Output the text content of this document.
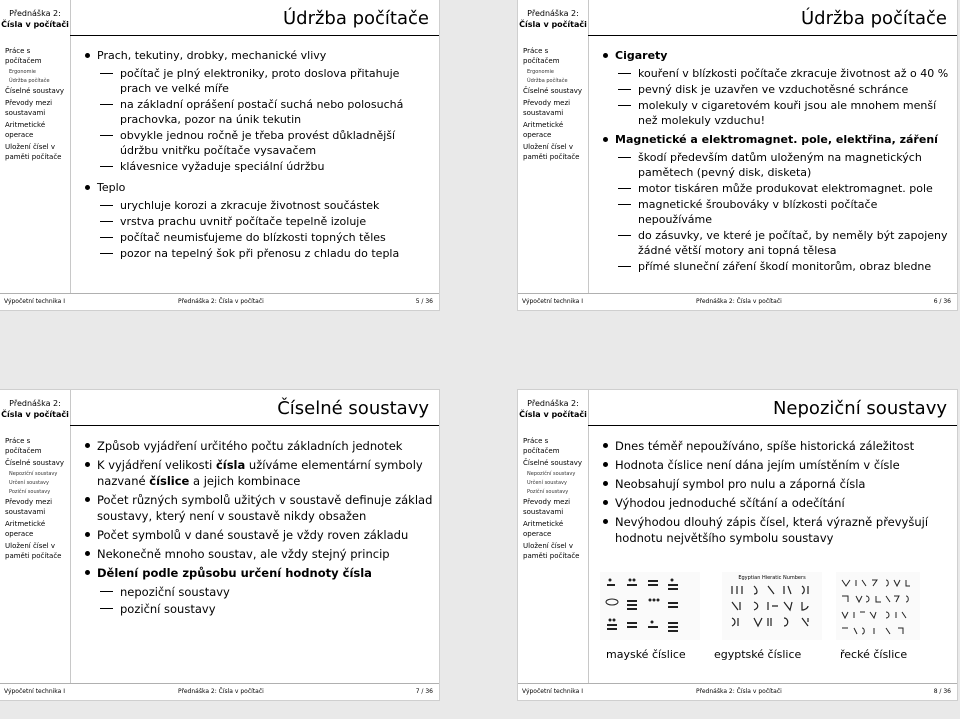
Přednáška 2:
Čísla v počítači
Práce s počítačem
Ergonomie
Údržba počítače
Číselné soustavy
Převody mezi soustavami
Aritmetické operace
Uložení čísel v paměti počítače
Údržba počítače
Prach, tekutiny, drobky, mechanické vlivy
počítač je plný elektroniky, proto doslova přitahuje prach ve velké míře
na základní oprášení postačí suchá nebo polosuchá prachovka, pozor na únik tekutin
obvykle jednou ročně je třeba provést důkladnější údržbu vnitřku počítače vysavačem
klávesnice vyžaduje speciální údržbu
Teplo
urychluje korozi a zkracuje životnost součástek
vrstva prachu uvnitř počítače tepelně izoluje
počítač neumisťujeme do blízkosti topných těles
pozor na tepelný šok při přenosu z chladu do tepla
Výpočetní technika I	Přednáška 2: Čísla v počítači	5 / 36
Přednáška 2:
Čísla v počítači
Práce s počítačem
Ergonomie
Údržba počítače
Číselné soustavy
Převody mezi soustavami
Aritmetické operace
Uložení čísel v paměti počítače
Údržba počítače
Cigarety
kouření v blízkosti počítače zkracuje životnost až o 40 %
pevný disk je uzavřen ve vzduchotěsné schránce
molekuly v cigaretovém kouři jsou ale mnohem menší než molekuly vzduchu!
Magnetické a elektromagnet. pole, elektřina, záření
škodí především datům uloženým na magnetických pamětech (pevný disk, disketa)
motor tiskáren může produkovat elektromagnet. pole
magnetické šroubováky v blízkosti počítače nepoužíváme
do zásuvky, ve které je počítač, by neměly být zapojeny žádné větší motory ani topná tělesa
přímé sluneční záření škodí monitorům, obraz bledne
Výpočetní technika I	Přednáška 2: Čísla v počítači	6 / 36
Přednáška 2:
Čísla v počítači
Práce s počítačem
Číselné soustavy
Nepoziční soustavy
Určení soustavy
Poziční soustavy
Převody mezi soustavami
Aritmetické operace
Uložení čísel v paměti počítače
Číselné soustavy
Způsob vyjádření určitého počtu základních jednotek
K vyjádření velikosti čísla užíváme elementární symboly nazvané číslice a jejich kombinace
Počet různých symbolů užitých v soustavě definuje základ soustavy, který není v soustavě nikdy obsažen
Počet symbolů v dané soustavě je vždy roven základu
Nekonečně mnoho soustav, ale vždy stejný princip
Dělení podle způsobu určení hodnoty čísla
nepoziční soustavy
poziční soustavy
Výpočetní technika I	Přednáška 2: Čísla v počítači	7 / 36
Přednáška 2:
Čísla v počítači
Práce s počítačem
Číselné soustavy
Nepoziční soustavy
Určení soustavy
Poziční soustavy
Převody mezi soustavami
Aritmetické operace
Uložení čísel v paměti počítače
Nepoziční soustavy
Dnes téměř nepoužíváno, spíše historická záležitost
Hodnota číslice není dána jejím umístěním v čísle
Neobsahují symbol pro nulu a záporná čísla
Výhodou jednoduché sčítání a odečítání
Nevýhodou dlouhý zápis čísel, která výrazně převyšují hodnotu největšího symbolu soustavy
Egyptian Hieratic Numbers
mayské číslice	egyptské číslice	řecké číslice
Výpočetní technika I	Přednáška 2: Čísla v počítači	8 / 36
